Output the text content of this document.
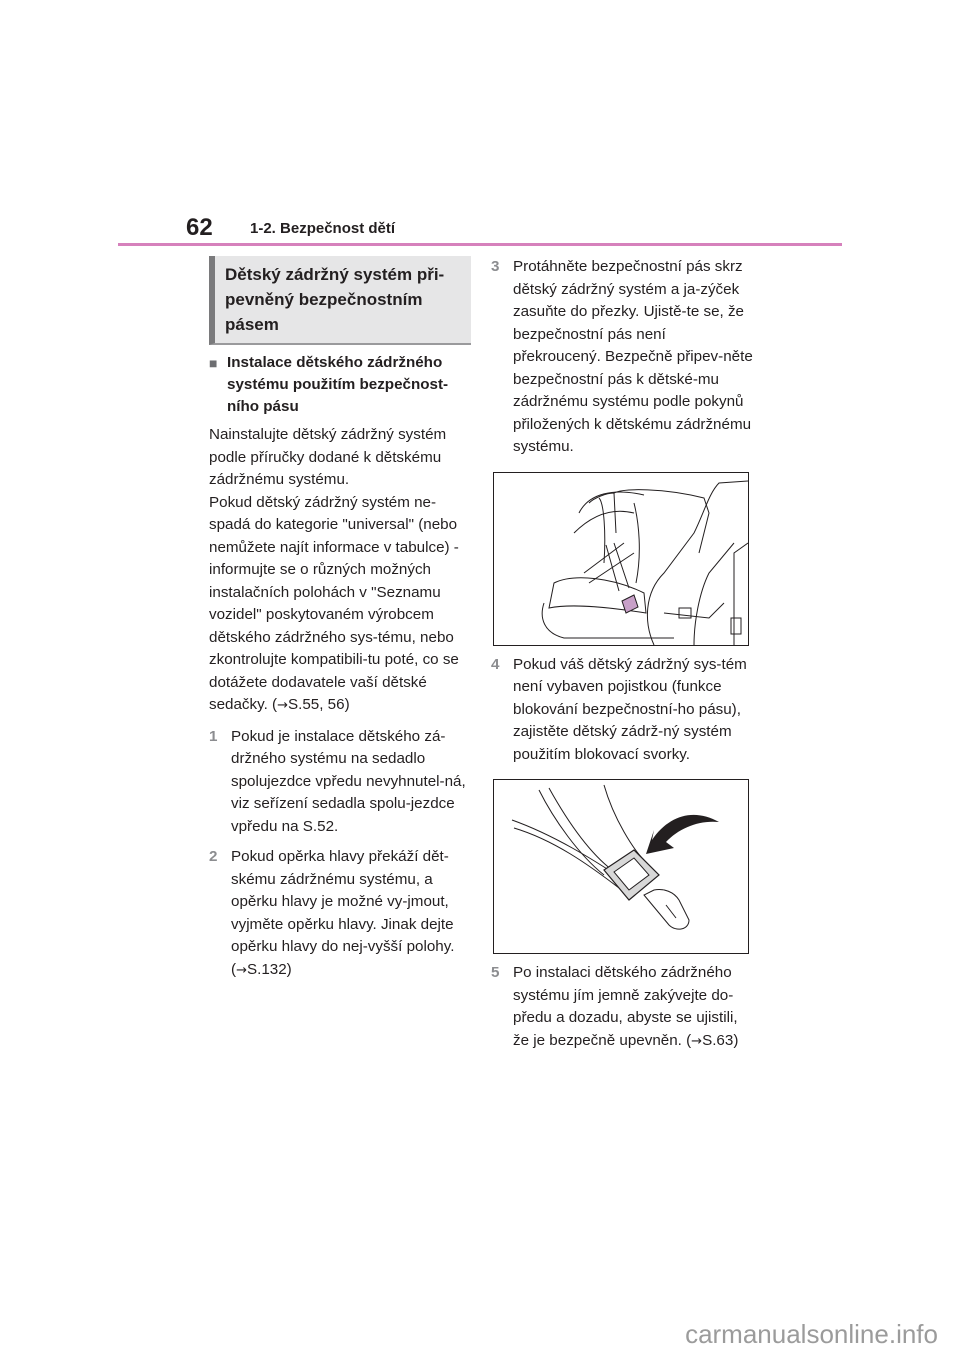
62 1-2. Bezpečnost dětí
Dětský zádržný systém při-pevněný bezpečnostním pásem
■ Instalace dětského zádržného systému použitím bezpečnost-ního pásu

Nainstalujte dětský zádržný systém podle příručky dodané k dětskému zádržnému systému.

Pokud dětský zádržný systém ne-spadá do kategorie "universal" (nebo nemůžete najít informace v tabulce) - informujte se o různých možných instalačních polohách v "Seznamu vozidel" poskytovaném výrobcem dětského zádržného sys-tému, nebo zkontrolujte kompatibili-tu poté, co se dotážete dodavatele vaší dětské sedačky. (→S.55, 56)

1 Pokud je instalace dětského zá-držného systému na sedadlo spolujezdce vpředu nevyhnutel-ná, viz seřízení sedadla spolu-jezdce vpředu na S.52.
2 Pokud opěrka hlavy překáží dět-skému zádržnému systému, a opěrku hlavy je možné vy-jmout, vyjměte opěrku hlavy. Jinak dejte opěrku hlavy do nej-vyšší polohy. (→S.132)
3 Protáhněte bezpečnostní pás skrz dětský zádržný systém a ja-zýček zasuňte do přezky. Ujistě-te se, že bezpečnostní pás není překroucený. Bezpečně připev-něte bezpečnostní pás k dětské-mu zádržnému systému podle pokynů přiložených k dětskému zádržnému systému.
4 Pokud váš dětský zádržný sys-tém není vybaven pojistkou (funkce blokování bezpečnostní-ho pásu), zajistěte dětský zádrž-ný systém použitím blokovací svorky.
5 Po instalaci dětského zádržného systému jím jemně zakývejte do-předu a dozadu, abyste se ujistili, že je bezpečně upevněn. (→S.63)
carmanualsonline.info
